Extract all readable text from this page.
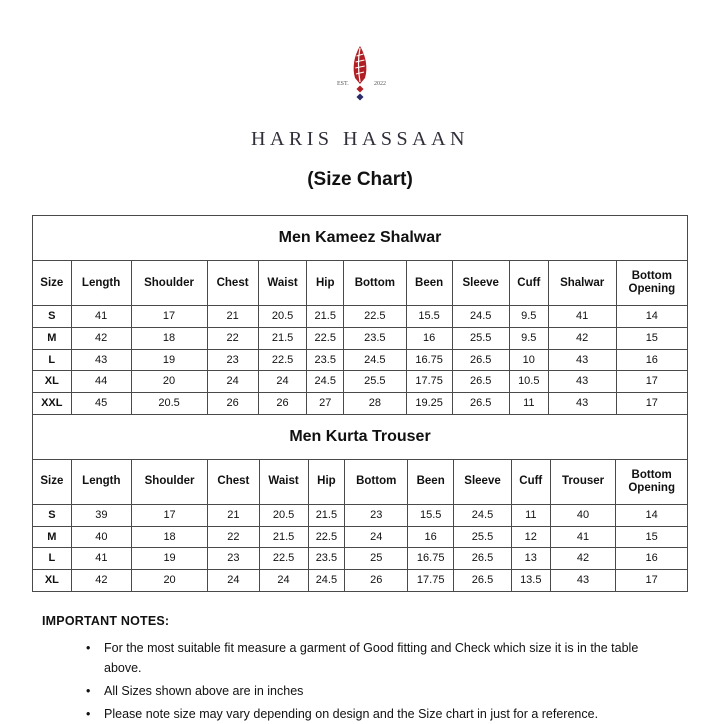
EST.	2022
HARIS HASSAAN
(Size Chart)
Men Kameez Shalwar
Size	Length	Shoulder	Chest	Waist	Hip	Bottom	Been	Sleeve	Cuff	Shalwar	Bottom
Opening
S	41	17	21	20.5	21.5	22.5	15.5	24.5	9.5	41	14
M	42	18	22	21.5	22.5	23.5	16	25.5	9.5	42	15
L	43	19	23	22.5	23.5	24.5	16.75	26.5	10	43	16
XL	44	20	24	24	24.5	25.5	17.75	26.5	10.5	43	17
XXL	45	20.5	26	26	27	28	19.25	26.5	11	43	17
Men Kurta Trouser
Size	Length	Shoulder	Chest	Waist	Hip	Bottom	Been	Sleeve	Cuff	Trouser	Bottom
Opening
S	39	17	21	20.5	21.5	23	15.5	24.5	11	40	14
M	40	18	22	21.5	22.5	24	16	25.5	12	41	15
L	41	19	23	22.5	23.5	25	16.75	26.5	13	42	16
XL	42	20	24	24	24.5	26	17.75	26.5	13.5	43	17
IMPORTANT NOTES:
• For the most suitable fit measure a garment of Good fitting and Check which size it is in the table above.
• All Sizes shown above are in inches
• Please note size may vary depending on design and the Size chart in just for a reference.
